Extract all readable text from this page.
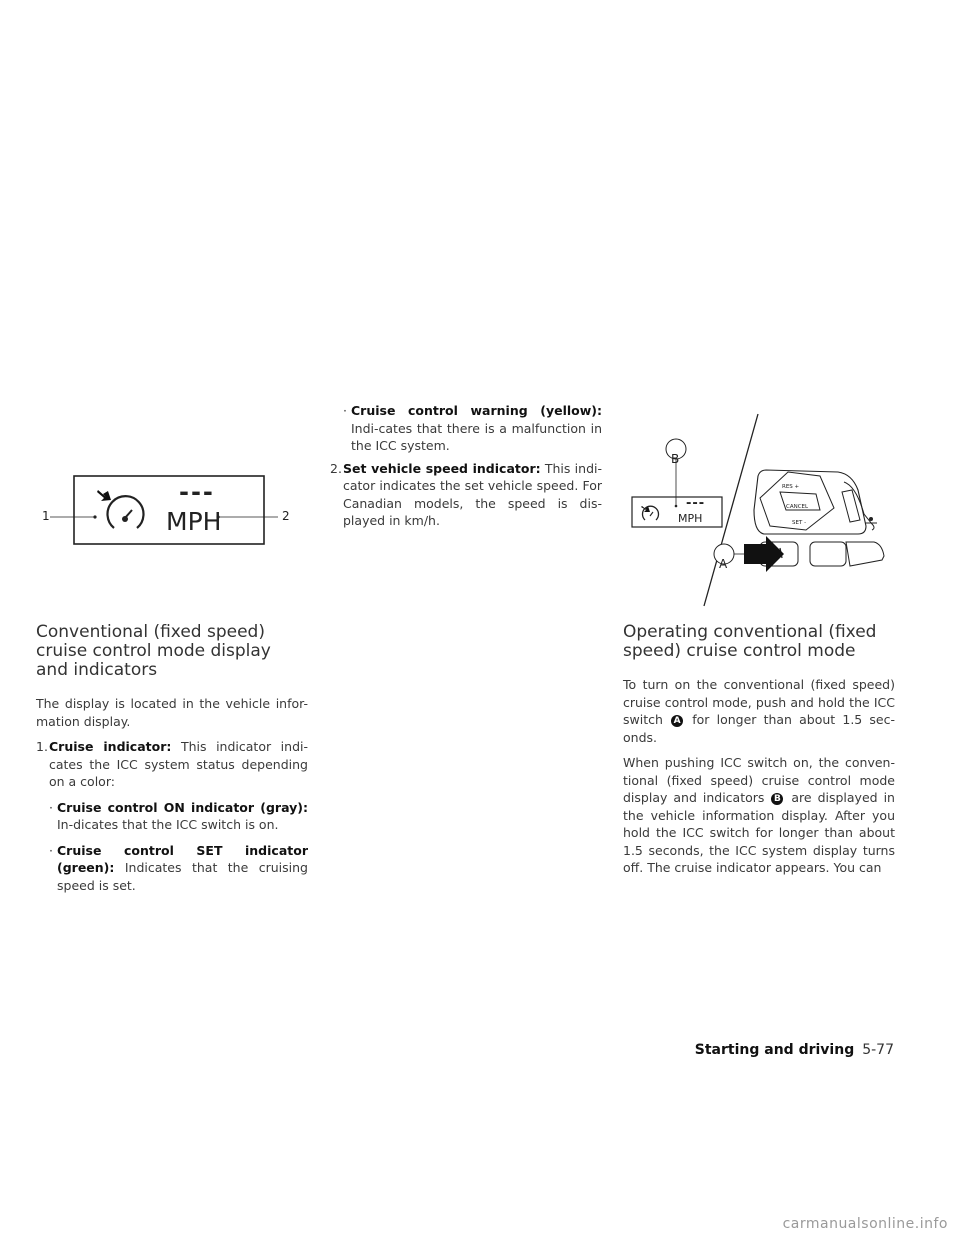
1	2
---
MPH
B
A
---
MPH
RES +
CANCEL
SET -
Conventional (fixed speed) cruise control mode display and indicators

The display is located in the vehicle infor-mation display.

1. Cruise indicator: This indicator indi-cates the ICC system status depending on a color:

· Cruise control ON indicator (gray): In-dicates that the ICC switch is on.

· Cruise control SET indicator (green): Indicates that the cruising speed is set.

· Cruise control warning (yellow): Indi-cates that there is a malfunction in the ICC system.

2. Set vehicle speed indicator: This indi-cator indicates the set vehicle speed. For Canadian models, the speed is dis-played in km/h.

Operating conventional (fixed speed) cruise control mode

To turn on the conventional (fixed speed) cruise control mode, push and hold the ICC switch A for longer than about 1.5 sec-onds.

When pushing ICC switch on, the conven-tional (fixed speed) cruise control mode display and indicators B are displayed in the vehicle information display. After you hold the ICC switch for longer than about 1.5 seconds, the ICC system display turns off. The cruise indicator appears. You can

Starting and driving 5-77
carmanualsonline.info
